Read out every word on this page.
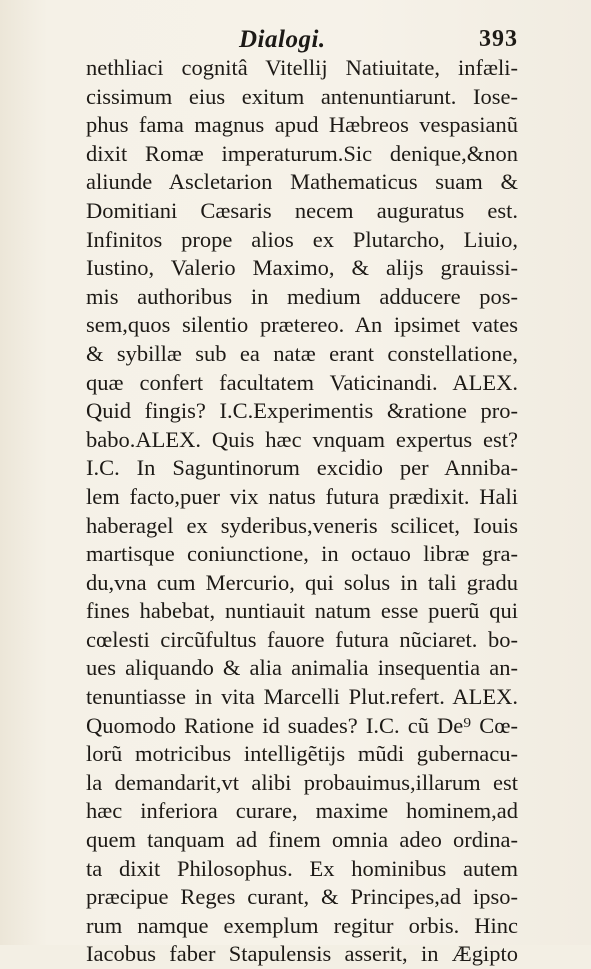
Dialogi.	393
nethliaci cognitâ Vitellij Natiuitate, infæli-
cissimum eius exitum antenuntiarunt. Iose-
phus fama magnus apud Hæbreos vespasianũ
dixit Romæ imperaturum.Sic denique,&non
aliunde Ascletarion Mathematicus suam &
Domitiani Cæsaris necem auguratus est.
Infinitos prope alios ex Plutarcho, Liuio,
Iustino, Valerio Maximo, & alijs grauissi-
mis authoribus in medium adducere pos-
sem,quos silentio prætereo. An ipsimet vates
& sybillæ sub ea natæ erant constellatione,
quæ confert facultatem Vaticinandi. ALEX.
Quid fingis? I.C.Experimentis &ratione pro-
babo.ALEX. Quis hæc vnquam expertus est?
I.C. In Saguntinorum excidio per Anniba-
lem facto,puer vix natus futura prædixit. Hali
haberagel ex syderibus,veneris scilicet, Iouis
martisque coniunctione, in octauo libræ gra-
du,vna cum Mercurio, qui solus in tali gradu
fines habebat, nuntiauit natum esse puerũ qui
cœlesti circũfultus fauore futura nũciaret. bo-
ues aliquando & alia animalia insequentia an-
tenuntiasse in vita Marcelli Plut.refert. ALEX.
Quomodo Ratione id suades? I.C. cũ De⁹ Cœ-
lorũ motricibus intelligẽtijs mũdi gubernacu-
la demandarit,vt alibi probauimus,illarum est
hæc inferiora curare, maxime hominem,ad
quem tanquam ad finem omnia adeo ordina-
ta dixit Philosophus. Ex hominibus autem
præcipue Reges curant, & Principes,ad ipso-
rum namque exemplum regitur orbis. Hinc
Iacobus faber Stapulensis asserit, in Ægipto
